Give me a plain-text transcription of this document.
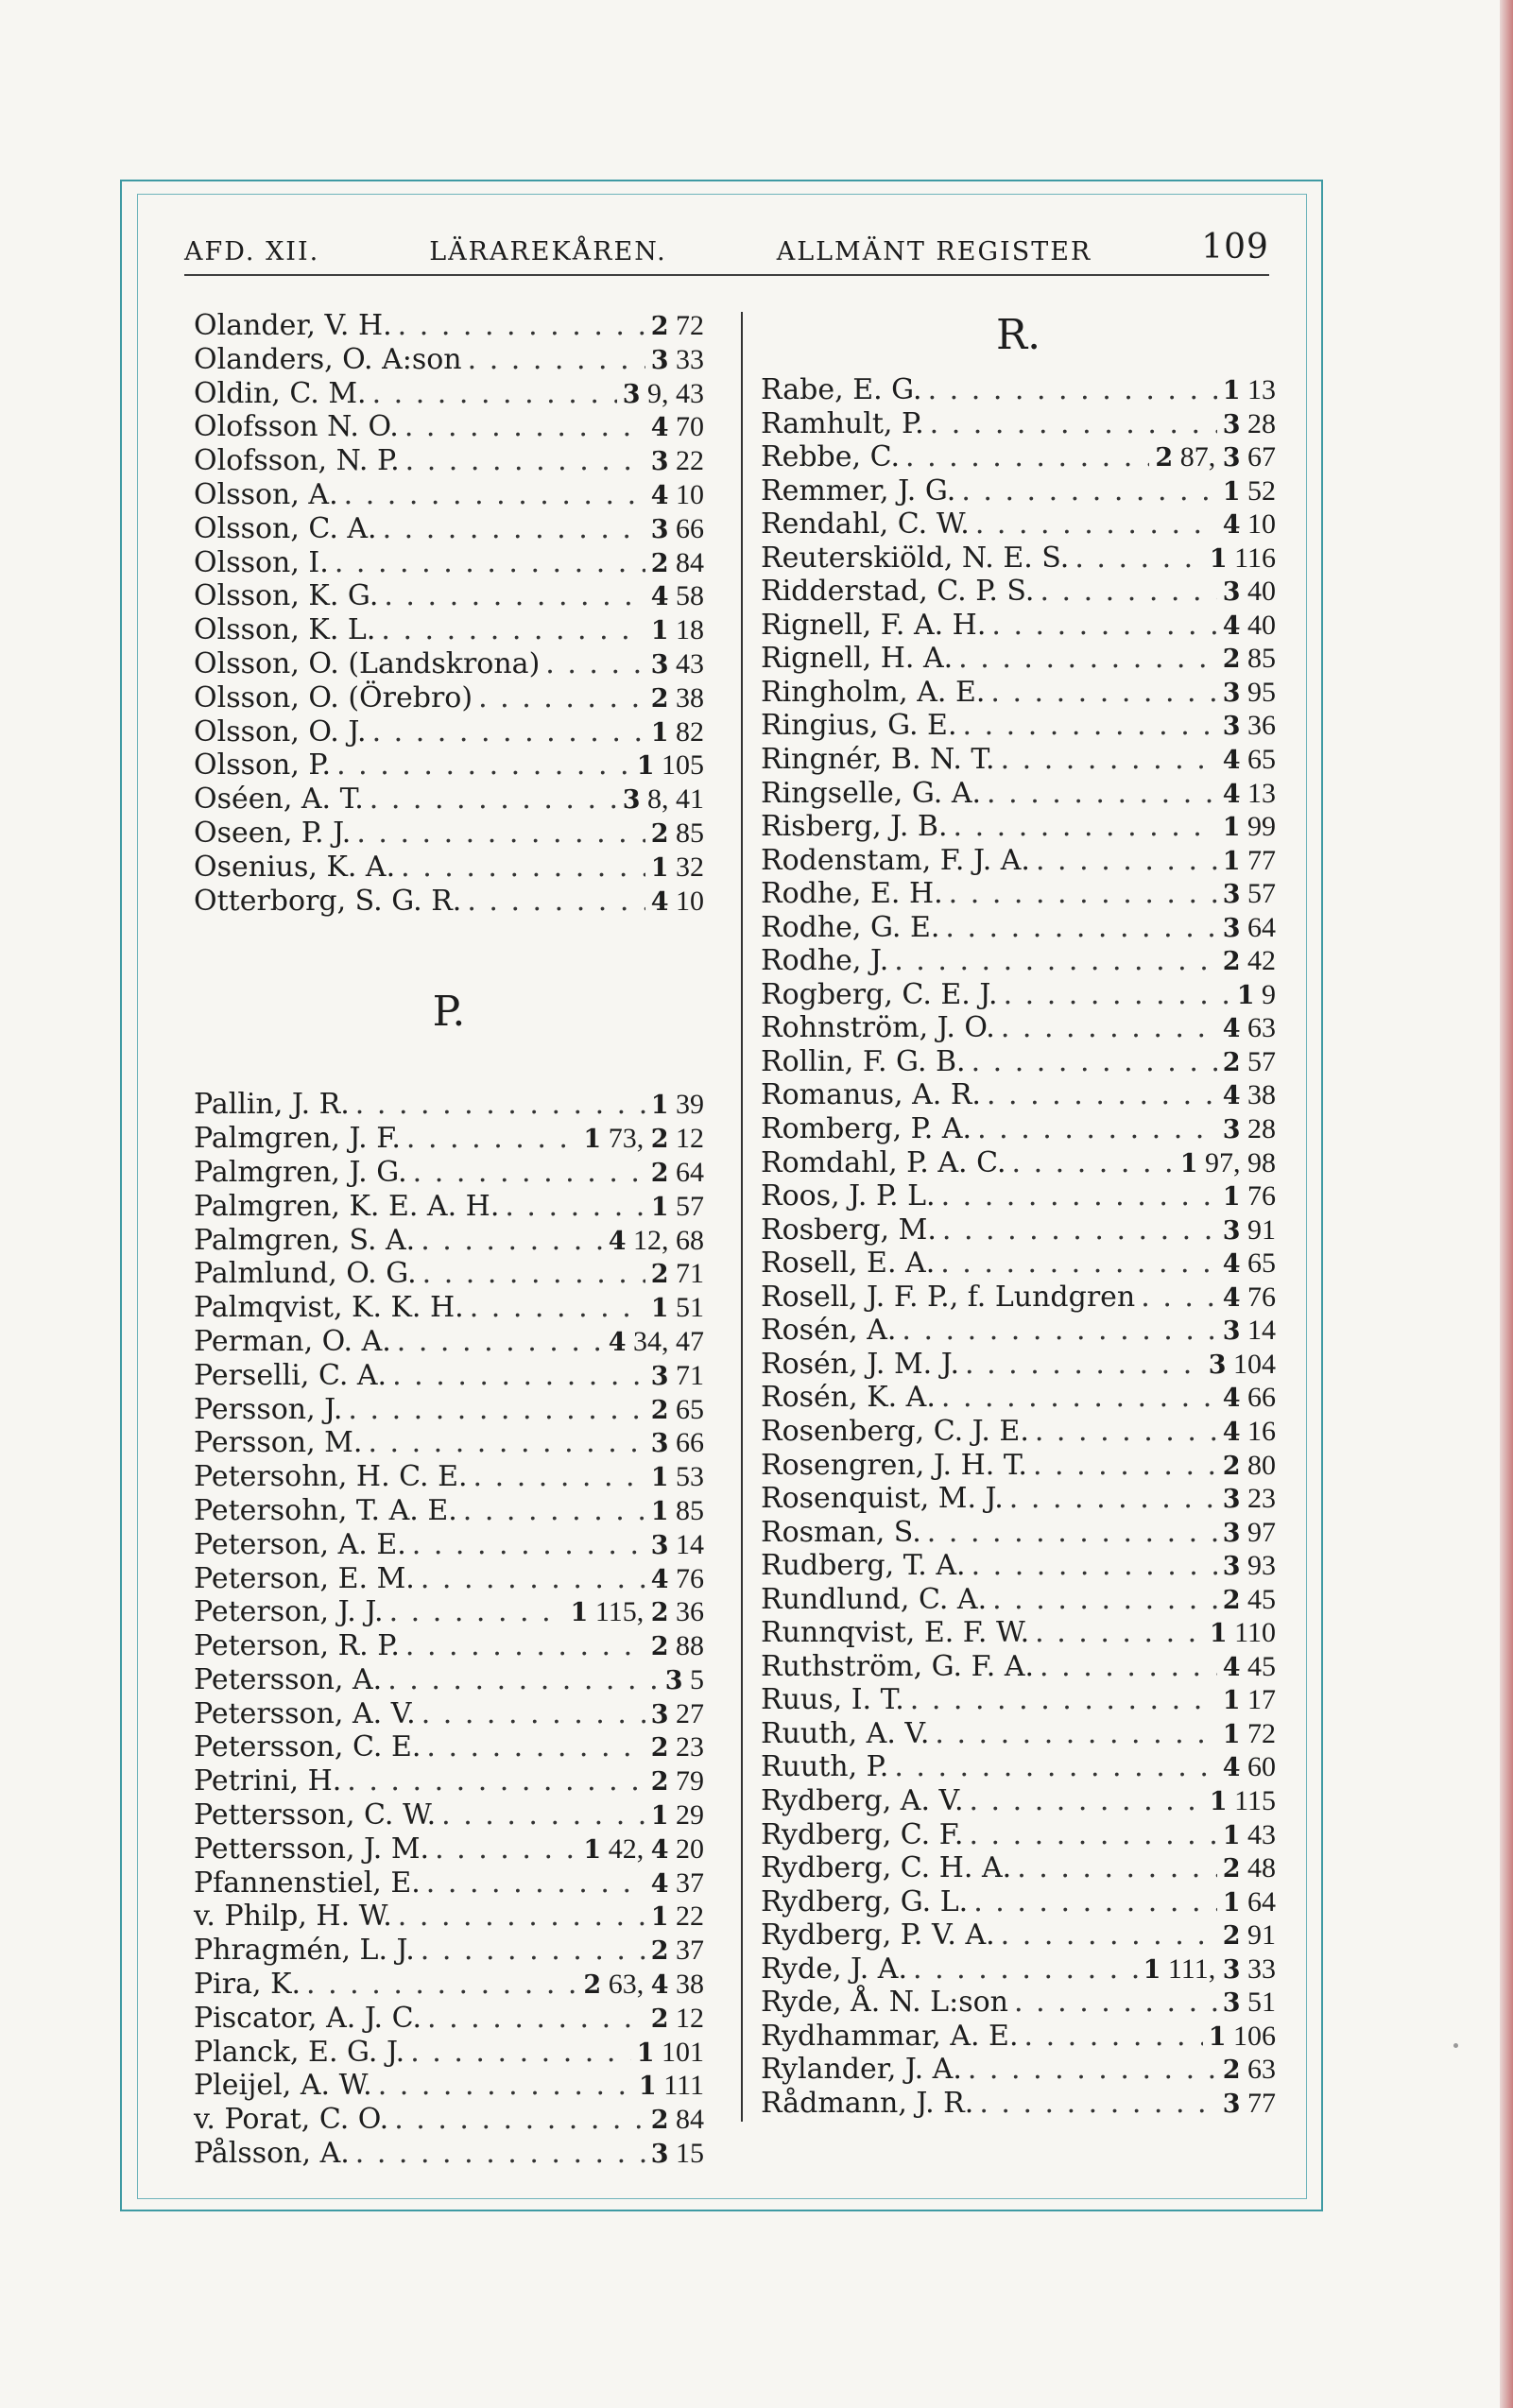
AFD. XII.	LÄRAREKÅREN.	ALLMÄNT REGISTER	109
Olander, V. H. . . .	2 72
Olanders, O. A:son . . .	3 33
Oldin, C. M. . . .	3 9, 43
Olofsson N. O. . . .	4 70
Olofsson, N. P. . . .	3 22
Olsson, A. . . .	4 10
Olsson, C. A. . . .	3 66
Olsson, I. . . .	2 84
Olsson, K. G. . . .	4 58
Olsson, K. L. . . .	1 18
Olsson, O. (Landskrona) . . .	3 43
Olsson, O. (Örebro) . . .	2 38
Olsson, O. J. . . .	1 82
Olsson, P. . . .	1 105
Oséen, A. T. . . .	3 8, 41
Oseen, P. J. . . .	2 85
Osenius, K. A. . . .	1 32
Otterborg, S. G. R. . . .	4 10
P.
Pallin, J. R. . . .	1 39
Palmgren, J. F. . . .	1 73, 2 12
Palmgren, J. G. . . .	2 64
Palmgren, K. E. A. H. . . .	1 57
Palmgren, S. A. . . .	4 12, 68
Palmlund, O. G. . . .	2 71
Palmqvist, K. K. H. . . .	1 51
Perman, O. A. . . .	4 34, 47
Perselli, C. A. . . .	3 71
Persson, J. . . .	2 65
Persson, M. . . .	3 66
Petersohn, H. C. E. . . .	1 53
Petersohn, T. A. E. . . .	1 85
Peterson, A. E. . . .	3 14
Peterson, E. M. . . .	4 76
Peterson, J. J. . . .	1 115, 2 36
Peterson, R. P. . . .	2 88
Petersson, A. . . .	3 5
Petersson, A. V. . . .	3 27
Petersson, C. E. . . .	2 23
Petrini, H. . . .	2 79
Pettersson, C. W. . . .	1 29
Pettersson, J. M. . . .	1 42, 4 20
Pfannenstiel, E. . . .	4 37
v. Philp, H. W. . . .	1 22
Phragmén, L. J. . . .	2 37
Pira, K. . . .	2 63, 4 38
Piscator, A. J. C. . . .	2 12
Planck, E. G. J. . . .	1 101
Pleijel, A. W. . . .	1 111
v. Porat, C. O. . . .	2 84
Pålsson, A. . . .	3 15
R.
Rabe, E. G. . . .	1 13
Ramhult, P. . . .	3 28
Rebbe, C. . . .	2 87, 3 67
Remmer, J. G. . . .	1 52
Rendahl, C. W. . . .	4 10
Reuterskiöld, N. E. S. . . .	1 116
Ridderstad, C. P. S. . . .	3 40
Rignell, F. A. H. . . .	4 40
Rignell, H. A. . . .	2 85
Ringholm, A. E. . . .	3 95
Ringius, G. E. . . .	3 36
Ringnér, B. N. T. . . .	4 65
Ringselle, G. A. . . .	4 13
Risberg, J. B. . . .	1 99
Rodenstam, F. J. A. . . .	1 77
Rodhe, E. H. . . .	3 57
Rodhe, G. E. . . .	3 64
Rodhe, J. . . .	2 42
Rogberg, C. E. J. . . .	1 9
Rohnström, J. O. . . .	4 63
Rollin, F. G. B. . . .	2 57
Romanus, A. R. . . .	4 38
Romberg, P. A. . . .	3 28
Romdahl, P. A. C. . . .	1 97, 98
Roos, J. P. L. . . .	1 76
Rosberg, M. . . .	3 91
Rosell, E. A. . . .	4 65
Rosell, J. F. P., f. Lundgren . . .	4 76
Rosén, A. . . .	3 14
Rosén, J. M. J. . . .	3 104
Rosén, K. A. . . .	4 66
Rosenberg, C. J. E. . . .	4 16
Rosengren, J. H. T. . . .	2 80
Rosenquist, M. J. . . .	3 23
Rosman, S. . . .	3 97
Rudberg, T. A. . . .	3 93
Rundlund, C. A. . . .	2 45
Runnqvist, E. F. W. . . .	1 110
Ruthström, G. F. A. . . .	4 45
Ruus, I. T. . . .	1 17
Ruuth, A. V. . . .	1 72
Ruuth, P. . . .	4 60
Rydberg, A. V. . . .	1 115
Rydberg, C. F. . . .	1 43
Rydberg, C. H. A. . . .	2 48
Rydberg, G. L. . . .	1 64
Rydberg, P. V. A. . . .	2 91
Ryde, J. A. . . .	1 111, 3 33
Ryde, Å. N. L:son . . .	3 51
Rydhammar, A. E. . . .	1 106
Rylander, J. A. . . .	2 63
Rådmann, J. R. . . .	3 77
